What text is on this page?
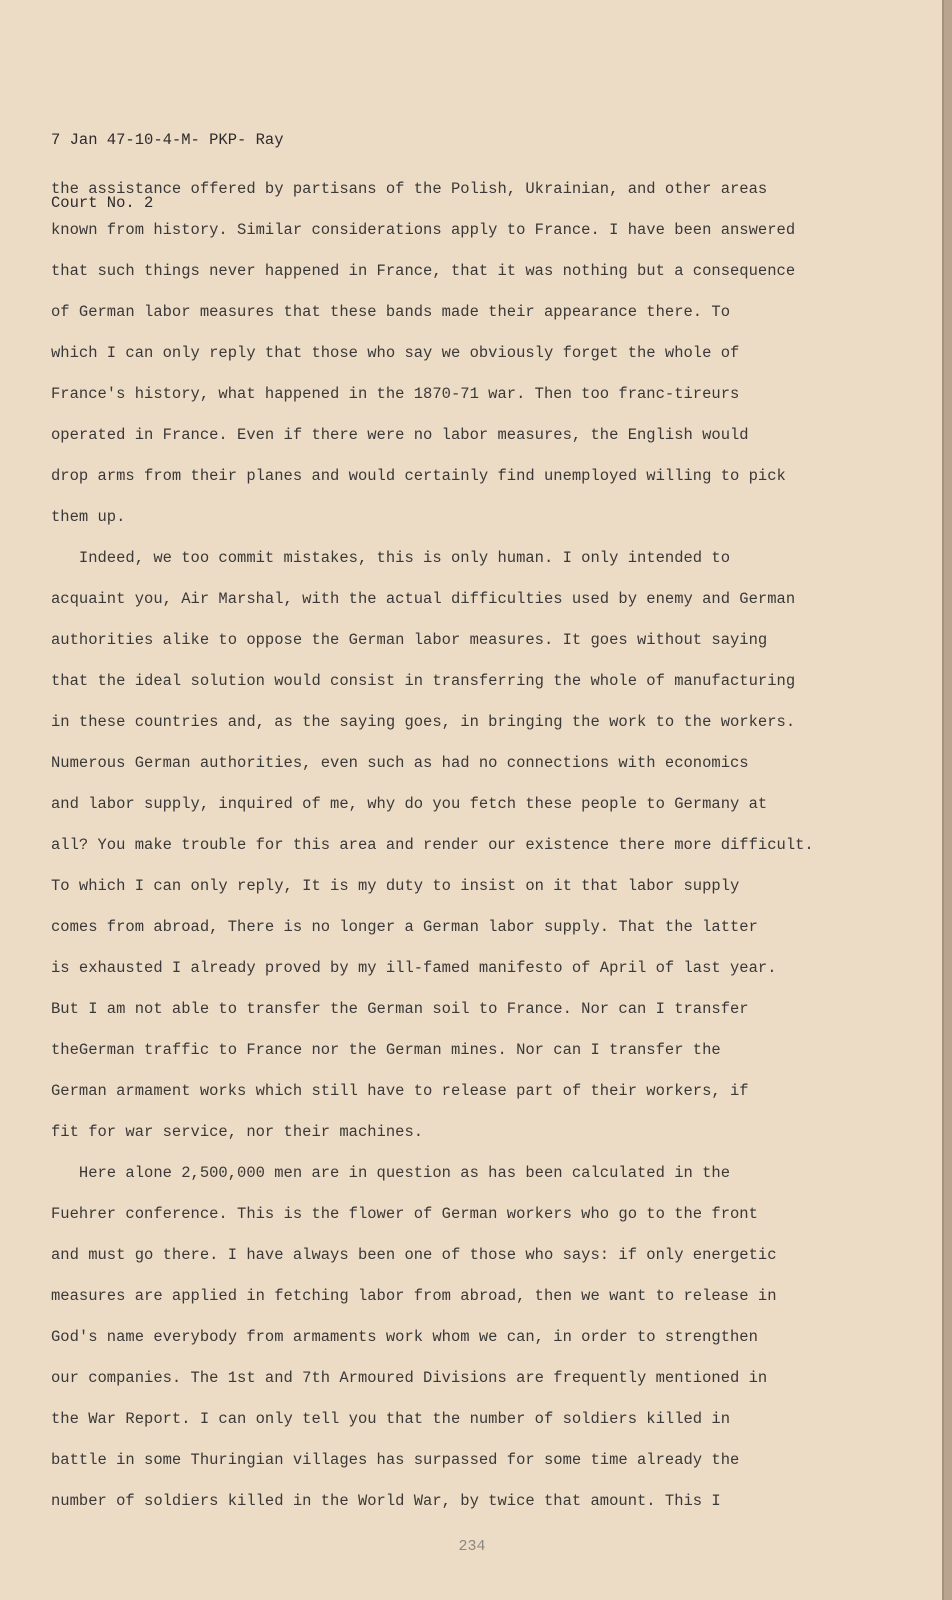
7 Jan 47-10-4-M- PKP- Ray

Court No. 2

the assistance offered by partisans of the Polish, Ukrainian, and other areas
known from history. Similar considerations apply to France. I have been answered
that such things never happened in France, that it was nothing but a consequence
of German labor measures that these bands made their appearance there. To
which I can only reply that those who say we obviously forget the whole of
France's history, what happened in the 1870-71 war. Then too franc-tireurs
operated in France. Even if there were no labor measures, the English would
drop arms from their planes and would certainly find unemployed willing to pick
them up.
Indeed, we too commit mistakes, this is only human. I only intended to
acquaint you, Air Marshal, with the actual difficulties used by enemy and German
authorities alike to oppose the German labor measures. It goes without saying
that the ideal solution would consist in transferring the whole of manufacturing
in these countries and, as the saying goes, in bringing the work to the workers.
Numerous German authorities, even such as had no connections with economics
and labor supply, inquired of me, why do you fetch these people to Germany at
all? You make trouble for this area and render our existence there more difficult.
To which I can only reply, It is my duty to insist on it that labor supply
comes from abroad, There is no longer a German labor supply. That the latter
is exhausted I already proved by my ill-famed manifesto of April of last year.
But I am not able to transfer the German soil to France. Nor can I transfer
theGerman traffic to France nor the German mines. Nor can I transfer the
German armament works which still have to release part of their workers, if
fit for war service, nor their machines.
Here alone 2,500,000 men are in question as has been calculated in the
Fuehrer conference. This is the flower of German workers who go to the front
and must go there. I have always been one of those who says: if only energetic
measures are applied in fetching labor from abroad, then we want to release in
God's name everybody from armaments work whom we can, in order to strengthen
our companies. The 1st and 7th Armoured Divisions are frequently mentioned in
the War Report. I can only tell you that the number of soldiers killed in
battle in some Thuringian villages has surpassed for some time already the
number of soldiers killed in the World War, by twice that amount. This I
234
